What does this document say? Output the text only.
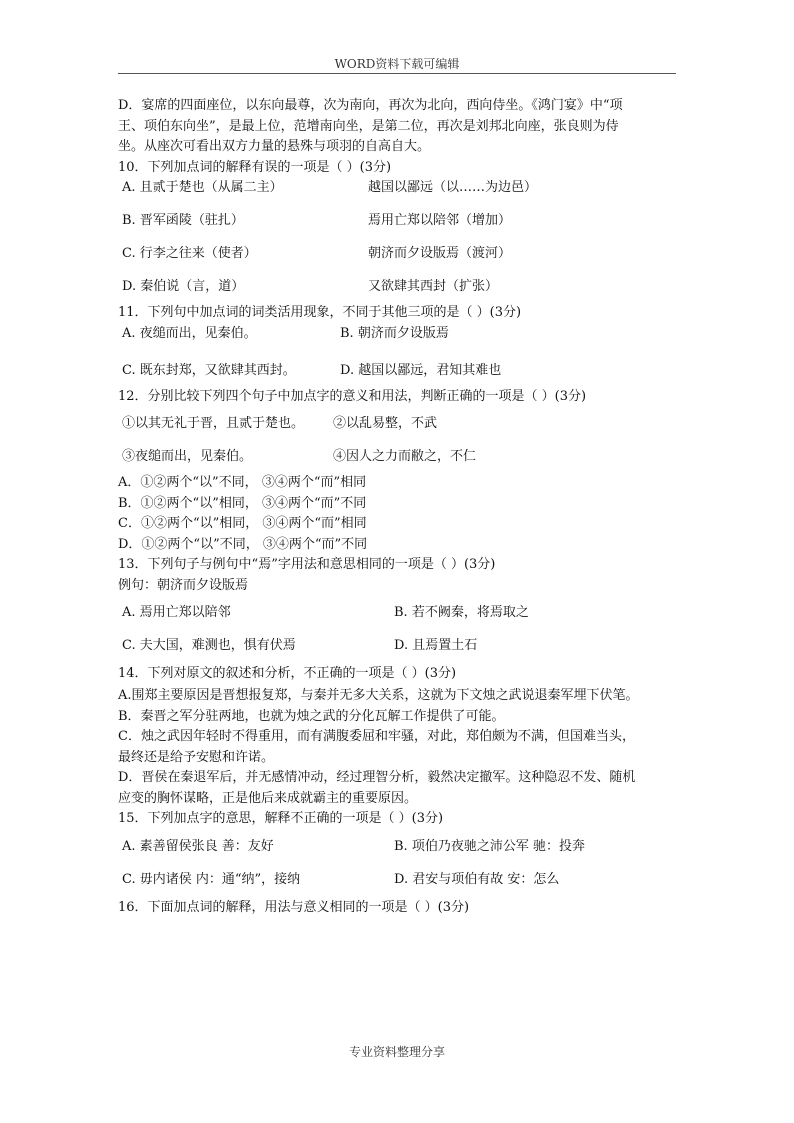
WORD资料下载可编辑
D．宴席的四面座位，以东向最尊，次为南向，再次为北向，西向侍坐。《鸿门宴》中“项
王、项伯东向坐”，是最上位，范增南向坐，是第二位，再次是刘邦北向座，张良则为侍
坐。从座次可看出双方力量的悬殊与项羽的自高自大。
10．下列加点词的解释有误的一项是（ ）(3分)
A. 且贰于楚也（从属二主）	越国以鄙远（以……为边邑）
B. 晋军函陵（驻扎）	焉用亡郑以陪邻（增加）
C. 行李之往来（使者）	朝济而夕设版焉（渡河）
D. 秦伯说（言，道）	又欲肆其西封（扩张）
11．下列句中加点词的词类活用现象，不同于其他三项的是（ ）(3分)
A. 夜缒而出，见秦伯。	B. 朝济而夕设版焉
C. 既东封郑，又欲肆其西封。	D. 越国以鄙远，君知其难也
12．分别比较下列四个句子中加点字的意义和用法，判断正确的一项是（ ）(3分)
①以其无礼于晋，且贰于楚也。 ②以乱易整，不武
③夜缒而出，见秦伯。	④因人之力而敝之，不仁
A．①②两个“以”不同， ③④两个“而”相同
B．①②两个“以”相同， ③④两个“而”不同
C．①②两个“以”相同， ③④两个“而”相同
D．①②两个“以”不同， ③④两个“而”不同
13．下列句子与例句中“焉”字用法和意思相同的一项是（ ）(3分)
例句：朝济而夕设版焉
A. 焉用亡郑以陪邻	B. 若不阙秦，将焉取之
C. 夫大国，难测也，惧有伏焉	D. 且焉置土石
14．下列对原文的叙述和分析，不正确的一项是（ ）(3分)
A.围郑主要原因是晋想报复郑，与秦并无多大关系，这就为下文烛之武说退秦军埋下伏笔。
B．秦晋之军分驻两地，也就为烛之武的分化瓦解工作提供了可能。
C．烛之武因年轻时不得重用，而有满腹委屈和牢骚，对此，郑伯颇为不满，但国难当头，
最终还是给予安慰和许诺。
D．晋侯在秦退军后，并无感情冲动，经过理智分析，毅然决定撤军。这种隐忍不发、随机
应变的胸怀谋略，正是他后来成就霸主的重要原因。
15．下列加点字的意思，解释不正确的一项是（ ）(3分)
A. 素善留侯张良 善：友好	B. 项伯乃夜驰之沛公军 驰：投奔
C. 毋内诸侯 内：通“纳”，接纳	D. 君安与项伯有故 安：怎么
16．下面加点词的解释，用法与意义相同的一项是（ ）(3分)
专业资料整理分享
